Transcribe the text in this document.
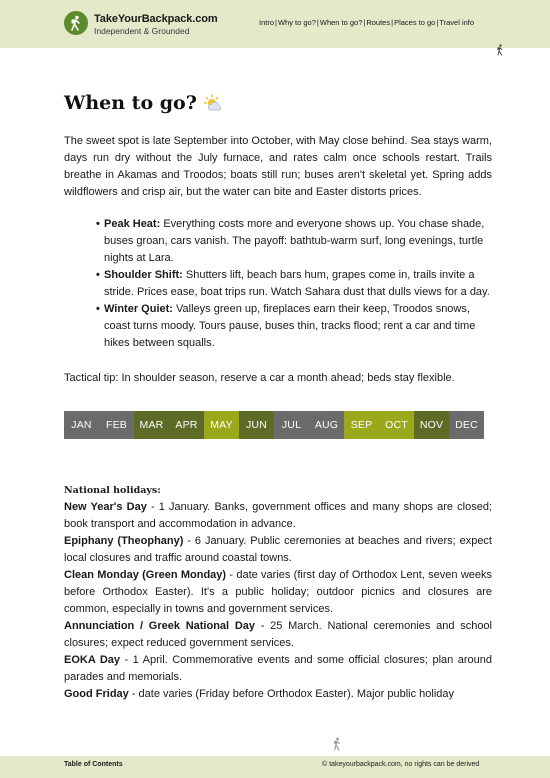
TakeYourBackpack.com
Independent & Grounded
Intro | Why to go? | When to go? | Routes | Places to go | Travel info
When to go?

The sweet spot is late September into October, with May close behind. Sea stays warm, days run dry without the July furnace, and rates calm once schools restart. Trails breathe in Akamas and Troodos; boats still run; buses aren't skeletal yet. Spring adds wildflowers and crisp air, but the water can bite and Easter distorts prices.

• Peak Heat: Everything costs more and everyone shows up. You chase shade, buses groan, cars vanish. The payoff: bathtub-warm surf, long evenings, turtle nights at Lara.
• Shoulder Shift: Shutters lift, beach bars hum, grapes come in, trails invite a stride. Prices ease, boat trips run. Watch Sahara dust that dulls views for a day.
• Winter Quiet: Valleys green up, fireplaces earn their keep, Troodos snows, coast turns moody. Tours pause, buses thin, tracks flood; rent a car and time hikes between squalls.

Tactical tip: In shoulder season, reserve a car a month ahead; beds stay flexible.

JAN	FEB	MAR	APR	MAY	JUN	JUL	AUG	SEP	OCT	NOV	DEC
National holidays:

New Year's Day - 1 January. Banks, government offices and many shops are closed; book transport and accommodation in advance.

Epiphany (Theophany) - 6 January. Public ceremonies at beaches and rivers; expect local closures and traffic around coastal towns.

Clean Monday (Green Monday) - date varies (first day of Orthodox Lent, seven weeks before Orthodox Easter). It's a public holiday; outdoor picnics and closures are common, especially in towns and government services.

Annunciation / Greek National Day - 25 March. National ceremonies and school closures; expect reduced government services.

EOKA Day - 1 April. Commemorative events and some official closures; plan around parades and memorials.

Good Friday - date varies (Friday before Orthodox Easter). Major public holiday

Table of Contents	© takeyourbackpack.com, no rights can be derived
